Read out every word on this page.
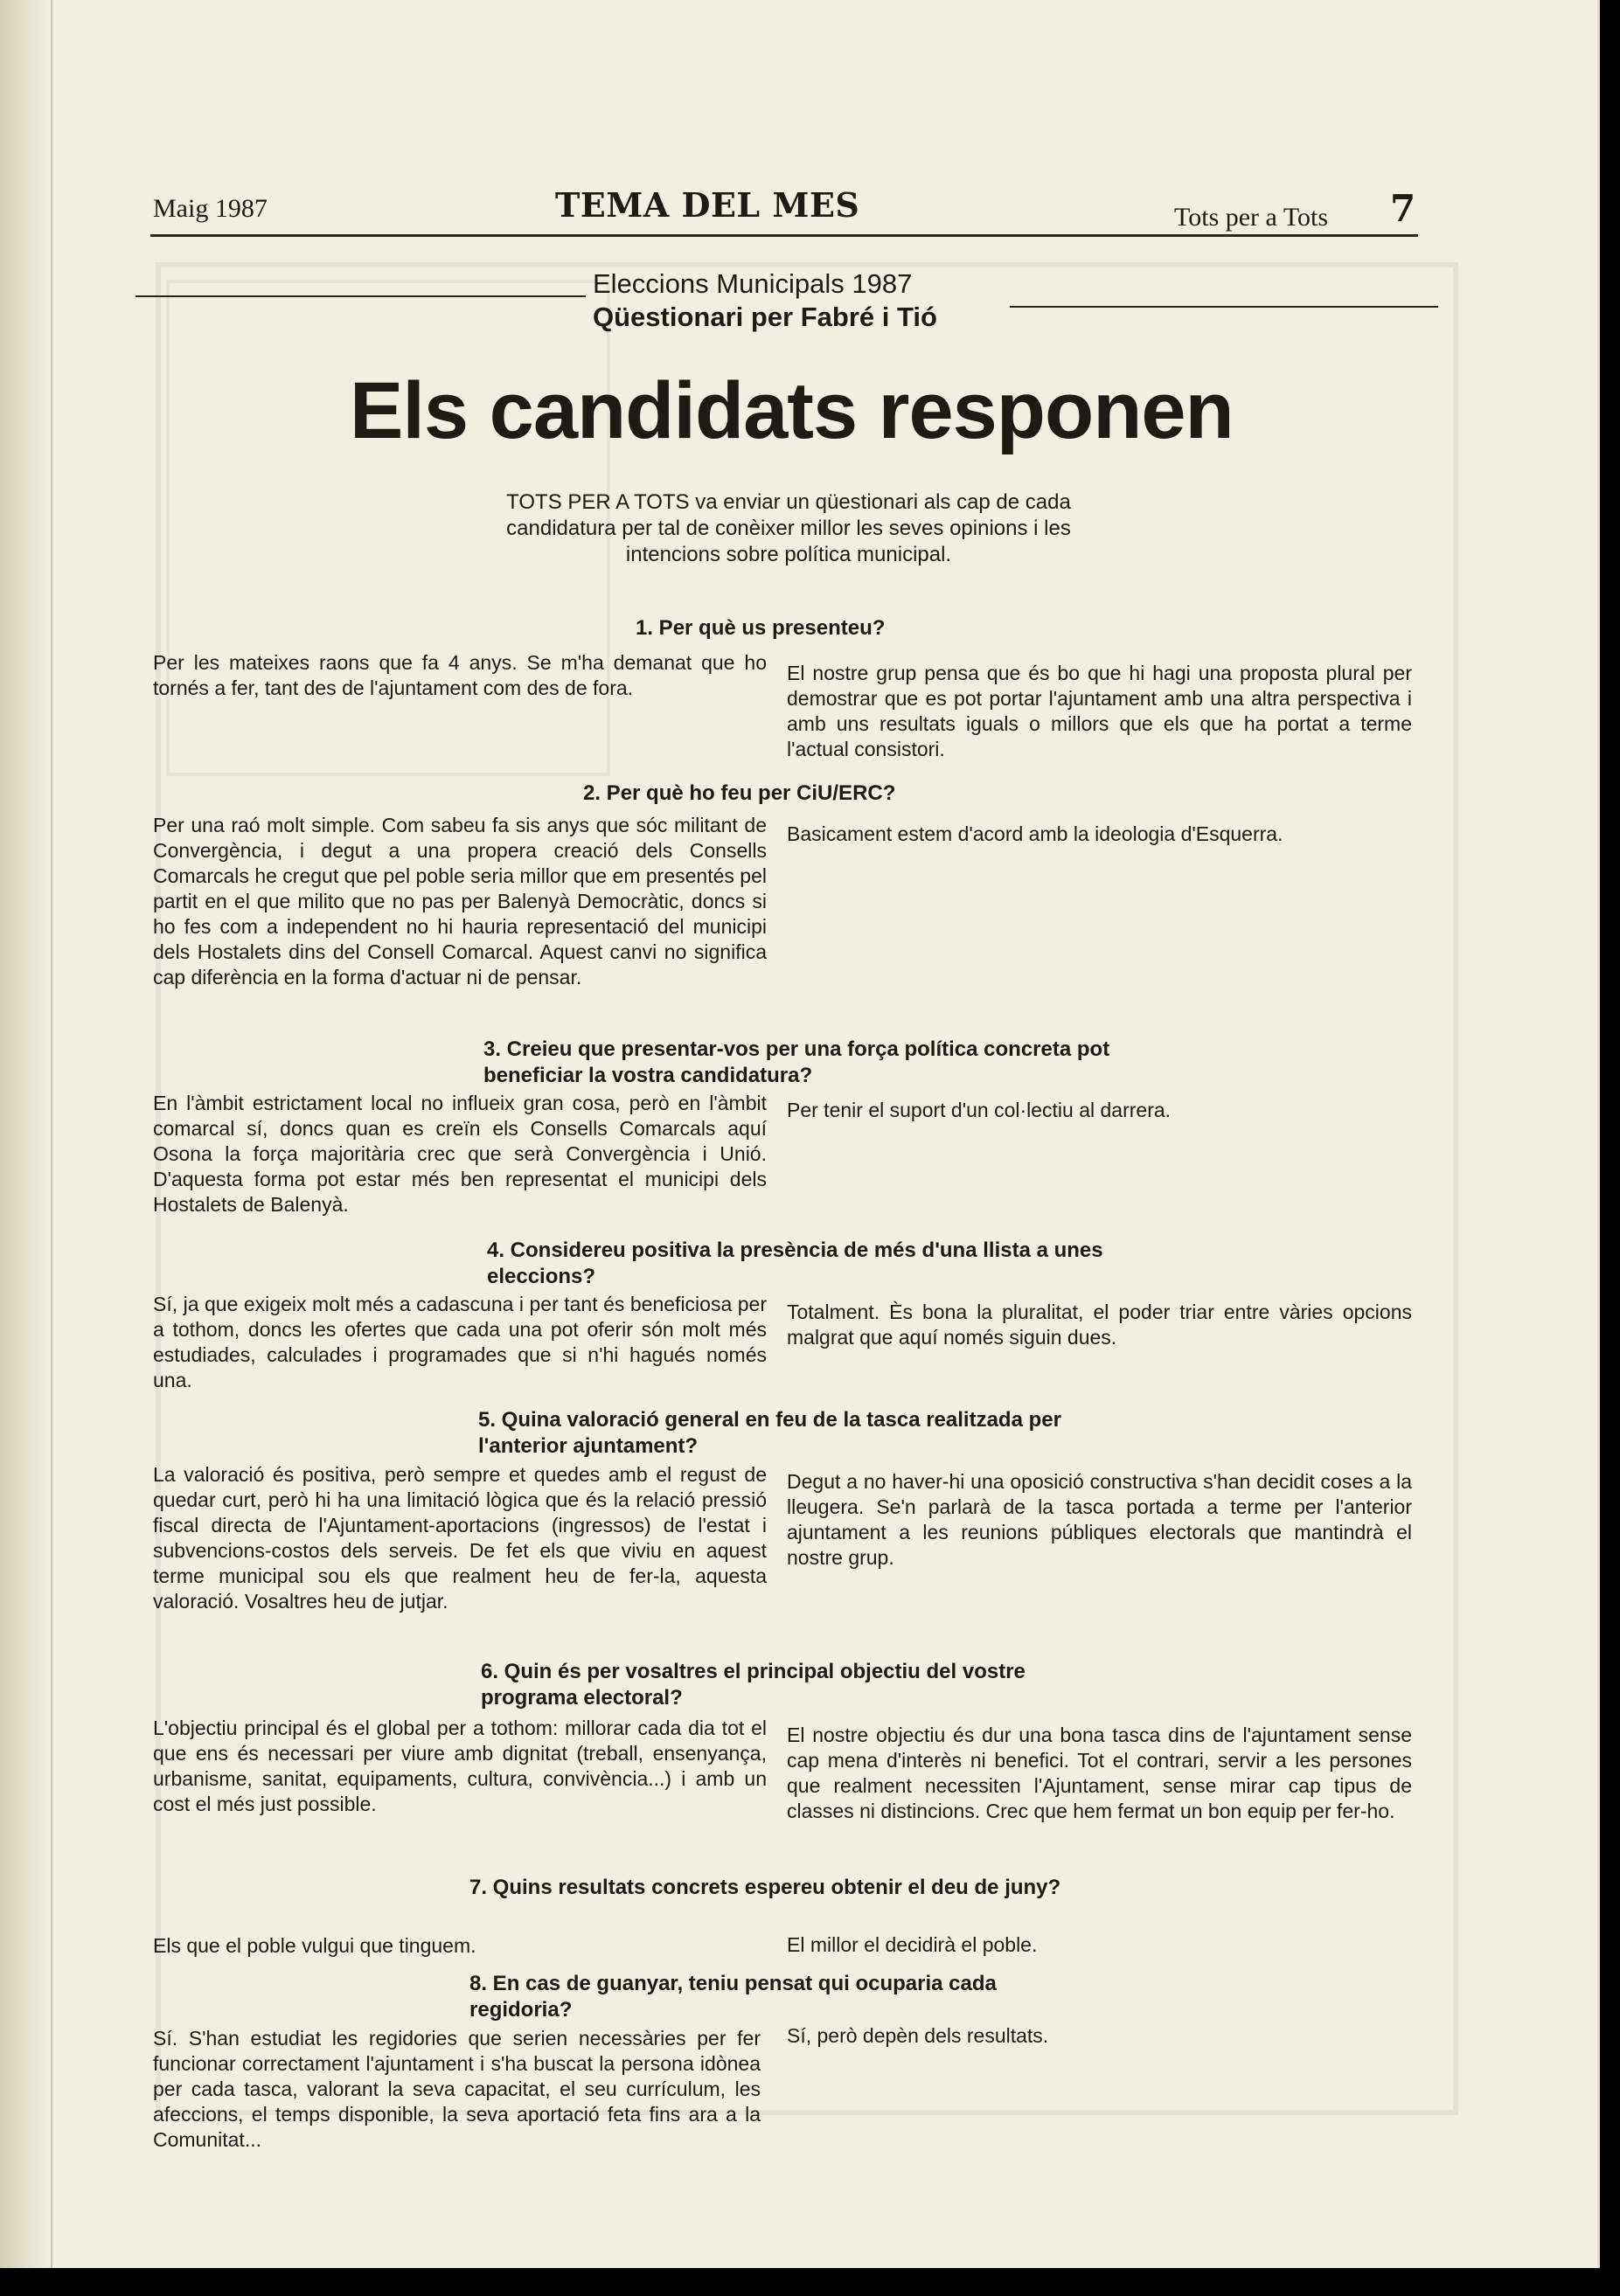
Maig 1987	TEMA DEL MES	Tots per a Tots 7
Eleccions Municipals 1987
Qüestionari per Fabré i Tió
Els candidats responen
TOTS PER A TOTS va enviar un qüestionari als cap de cada candidatura per tal de conèixer millor les seves opinions i les intencions sobre política municipal.
1. Per què us presenteu?
Per les mateixes raons que fa 4 anys. Se m'ha demanat que ho tornés a fer, tant des de l'ajuntament com des de fora.
El nostre grup pensa que és bo que hi hagi una proposta plural per demostrar que es pot portar l'ajuntament amb una altra perspectiva i amb uns resultats iguals o millors que els que ha portat a terme l'actual consistori.
2. Per què ho feu per CiU/ERC?
Per una raó molt simple. Com sabeu fa sis anys que sóc militant de Convergència, i degut a una propera creació dels Consells Comarcals he cregut que pel poble seria millor que em presentés pel partit en el que milito que no pas per Balenyà Democràtic, doncs si ho fes com a independent no hi hauria representació del municipi dels Hostalets dins del Consell Comarcal. Aquest canvi no significa cap diferència en la forma d'actuar ni de pensar.
Basicament estem d'acord amb la ideologia d'Esquerra.
3. Creieu que presentar-vos per una força política concreta pot beneficiar la vostra candidatura?
En l'àmbit estrictament local no influeix gran cosa, però en l'àmbit comarcal sí, doncs quan es creïn els Consells Comarcals aquí Osona la força majoritària crec que serà Convergència i Unió. D'aquesta forma pot estar més ben representat el municipi dels Hostalets de Balenyà.
Per tenir el suport d'un col·lectiu al darrera.
4. Considereu positiva la presència de més d'una llista a unes eleccions?
Sí, ja que exigeix molt més a cadascuna i per tant és beneficiosa per a tothom, doncs les ofertes que cada una pot oferir són molt més estudiades, calculades i programades que si n'hi hagués només una.
Totalment. Ès bona la pluralitat, el poder triar entre vàries opcions malgrat que aquí només siguin dues.
5. Quina valoració general en feu de la tasca realitzada per l'anterior ajuntament?
La valoració és positiva, però sempre et quedes amb el regust de quedar curt, però hi ha una limitació lògica que és la relació pressió fiscal directa de l'Ajuntament-aportacions (ingressos) de l'estat i subvencions-costos dels serveis. De fet els que viviu en aquest terme municipal sou els que realment heu de fer-la, aquesta valoració. Vosaltres heu de jutjar.
Degut a no haver-hi una oposició constructiva s'han decidit coses a la lleugera. Se'n parlarà de la tasca portada a terme per l'anterior ajuntament a les reunions públiques electorals que mantindrà el nostre grup.
6. Quin és per vosaltres el principal objectiu del vostre programa electoral?
L'objectiu principal és el global per a tothom: millorar cada dia tot el que ens és necessari per viure amb dignitat (treball, ensenyança, urbanisme, sanitat, equipaments, cultura, convivència...) i amb un cost el més just possible.
El nostre objectiu és dur una bona tasca dins de l'ajuntament sense cap mena d'interès ni benefici. Tot el contrari, servir a les persones que realment necessiten l'Ajuntament, sense mirar cap tipus de classes ni distincions. Crec que hem fermat un bon equip per fer-ho.
7. Quins resultats concrets espereu obtenir el deu de juny?
Els que el poble vulgui que tinguem.	El millor el decidirà el poble.
8. En cas de guanyar, teniu pensat qui ocuparia cada regidoria?
Sí. S'han estudiat les regidories que serien necessàries per fer funcionar correctament l'ajuntament i s'ha buscat la persona idònea per cada tasca, valorant la seva capacitat, el seu currículum, les afeccions, el temps disponible, la seva aportació feta fins ara a la Comunitat...
Sí, però depèn dels resultats.
